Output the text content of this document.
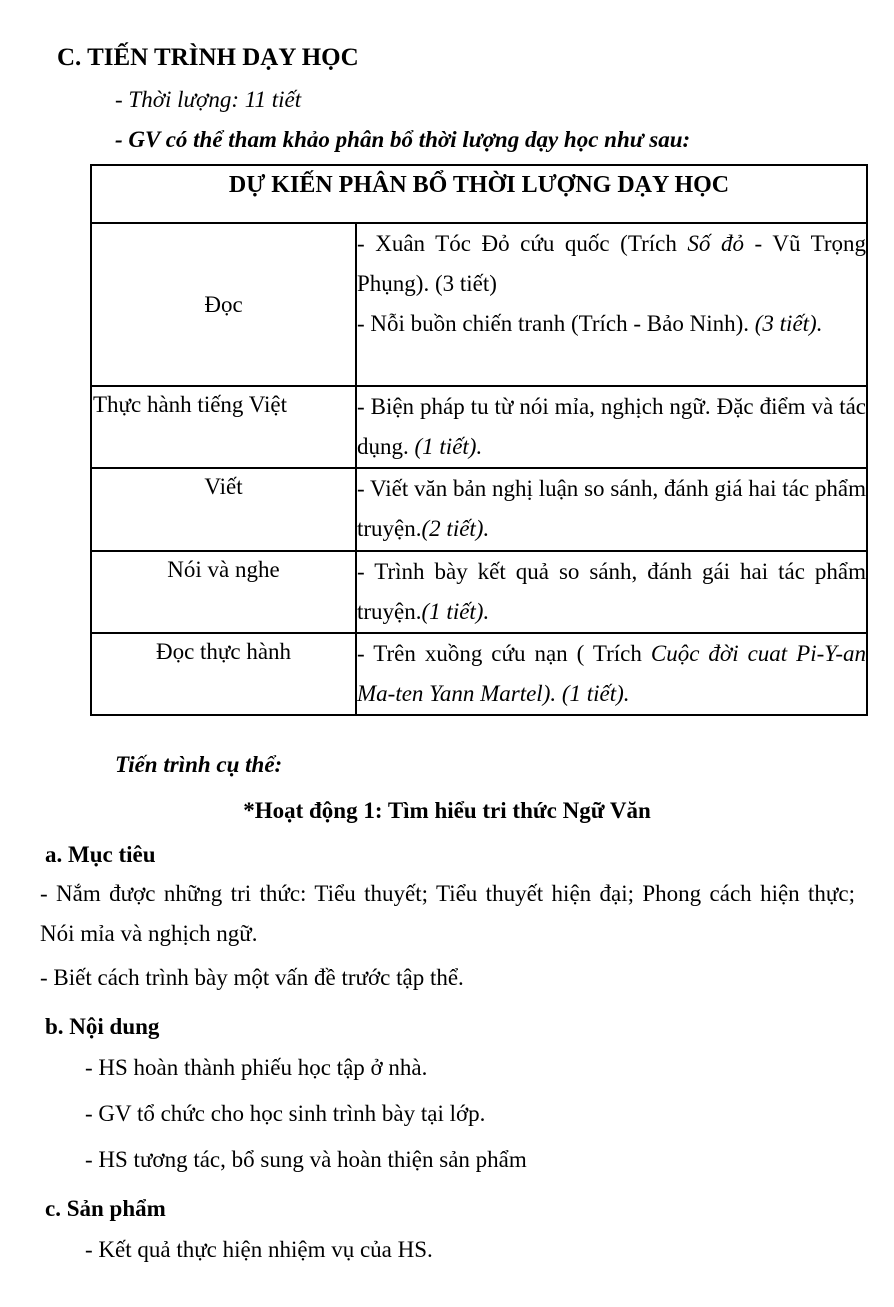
C. TIẾN TRÌNH DẠY HỌC

- Thời lượng: 11 tiết

- GV có thể tham khảo phân bổ thời lượng dạy học như sau:

DỰ KIẾN PHÂN BỔ THỜI LƯỢNG DẠY HỌC	
Đọc	- Xuân Tóc Đỏ cứu quốc (Trích Số đỏ - Vũ Trọng Phụng). (3 tiết)

- Nỗi buồn chiến tranh (Trích - Bảo Ninh). (3 tiết).

Thực hành tiếng Việt	- Biện pháp tu từ nói mỉa, nghịch ngữ. Đặc điểm và tác dụng. (1 tiết).

Viết	- Viết văn bản nghị luận so sánh, đánh giá hai tác phẩm truyện.(2 tiết).

Nói và nghe	- Trình bày kết quả so sánh, đánh gái hai tác phẩm truyện.(1 tiết).

Đọc thực hành	- Trên xuồng cứu nạn ( Trích Cuộc đời cuat Pi-Y-an Ma-ten Yann Martel). (1 tiết).

Tiến trình cụ thể:

*Hoạt động 1: Tìm hiểu tri thức Ngữ Văn

a. Mục tiêu

- Nắm được những tri thức: Tiểu thuyết; Tiểu thuyết hiện đại; Phong cách hiện thực; Nói mỉa và nghịch ngữ.

- Biết cách trình bày một vấn đề trước tập thể.

b. Nội dung

- HS hoàn thành phiếu học tập ở nhà.

- GV tổ chức cho học sinh trình bày tại lớp.

- HS tương tác, bổ sung và hoàn thiện sản phẩm

c. Sản phẩm

- Kết quả thực hiện nhiệm vụ của HS.
